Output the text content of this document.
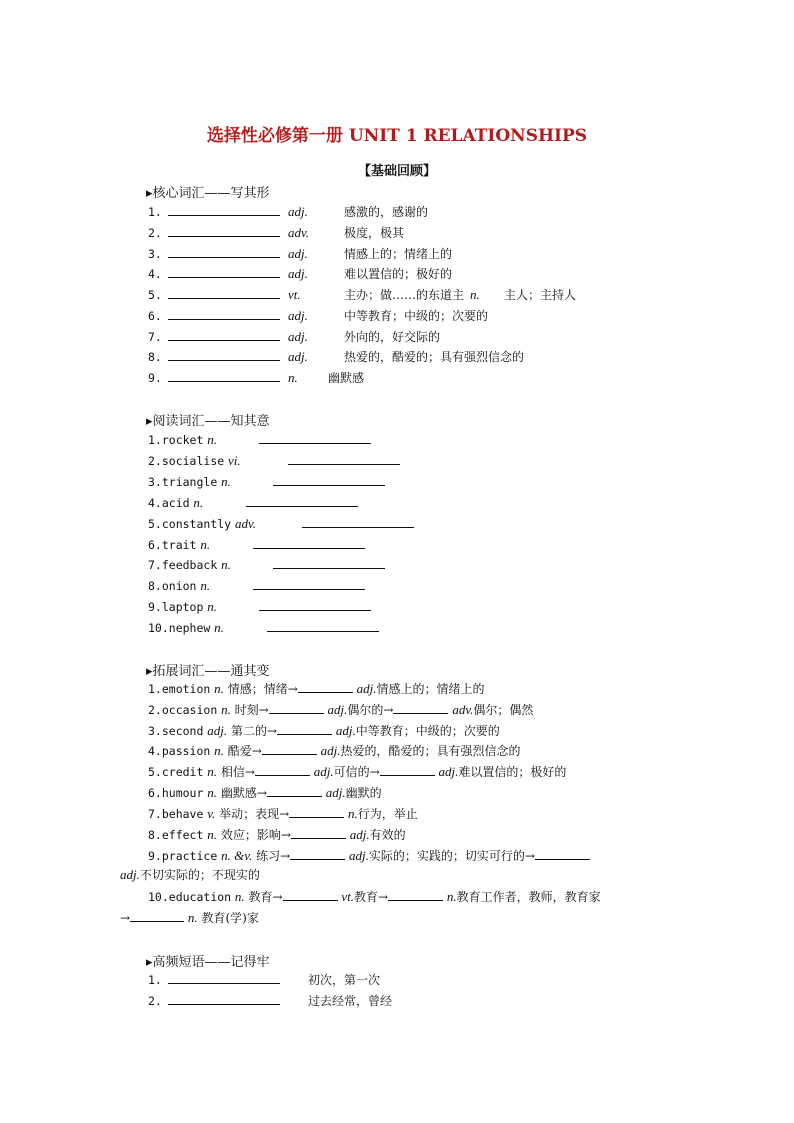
选择性必修第一册 UNIT 1 RELATIONSHIPS
【基础回顾】
▸核心词汇——写其形
1.	adj.	感激的，感谢的
2.	adv.	极度，极其
3.	adj.	情感上的；情绪上的
4.	adj.	难以置信的；极好的
5.	vt.	主办；做……的东道主 n. 主人；主持人
6.	adj.	中等教育；中级的；次要的
7.	adj.	外向的，好交际的
8.	adj.	热爱的，酷爱的；具有强烈信念的
9.	n.	幽默感
▸阅读词汇——知其意
1.rocket n.
2.socialise vi.
3.triangle n.
4.acid n.
5.constantly adv.
6.trait n.
7.feedback n.
8.onion n.
9.laptop n.
10.nephew n.
▸拓展词汇——通其变
1.emotion n. 情感；情绪→	adj.情感上的；情绪上的
2.occasion n. 时刻→	adj.偶尔的→	adv.偶尔；偶然
3.second adj. 第二的→	adj.中等教育；中级的；次要的
4.passion n. 酷爱→	adj.热爱的，酷爱的；具有强烈信念的
5.credit n. 相信→	adj.可信的→	adj.难以置信的；极好的
6.humour n. 幽默感→	adj.幽默的
7.behave v. 举动；表现→	n.行为，举止
8.effect n. 效应；影响→	adj.有效的
9.practice n. &v. 练习→	adj.实际的；实践的；切实可行的→
adj.不切实际的；不现实的
10.education n. 教育→	vt.教育→	n.教育工作者，教师，教育家
→	n. 教育(学)家
▸高频短语——记得牢
1.	初次，第一次
2.	过去经常，曾经
